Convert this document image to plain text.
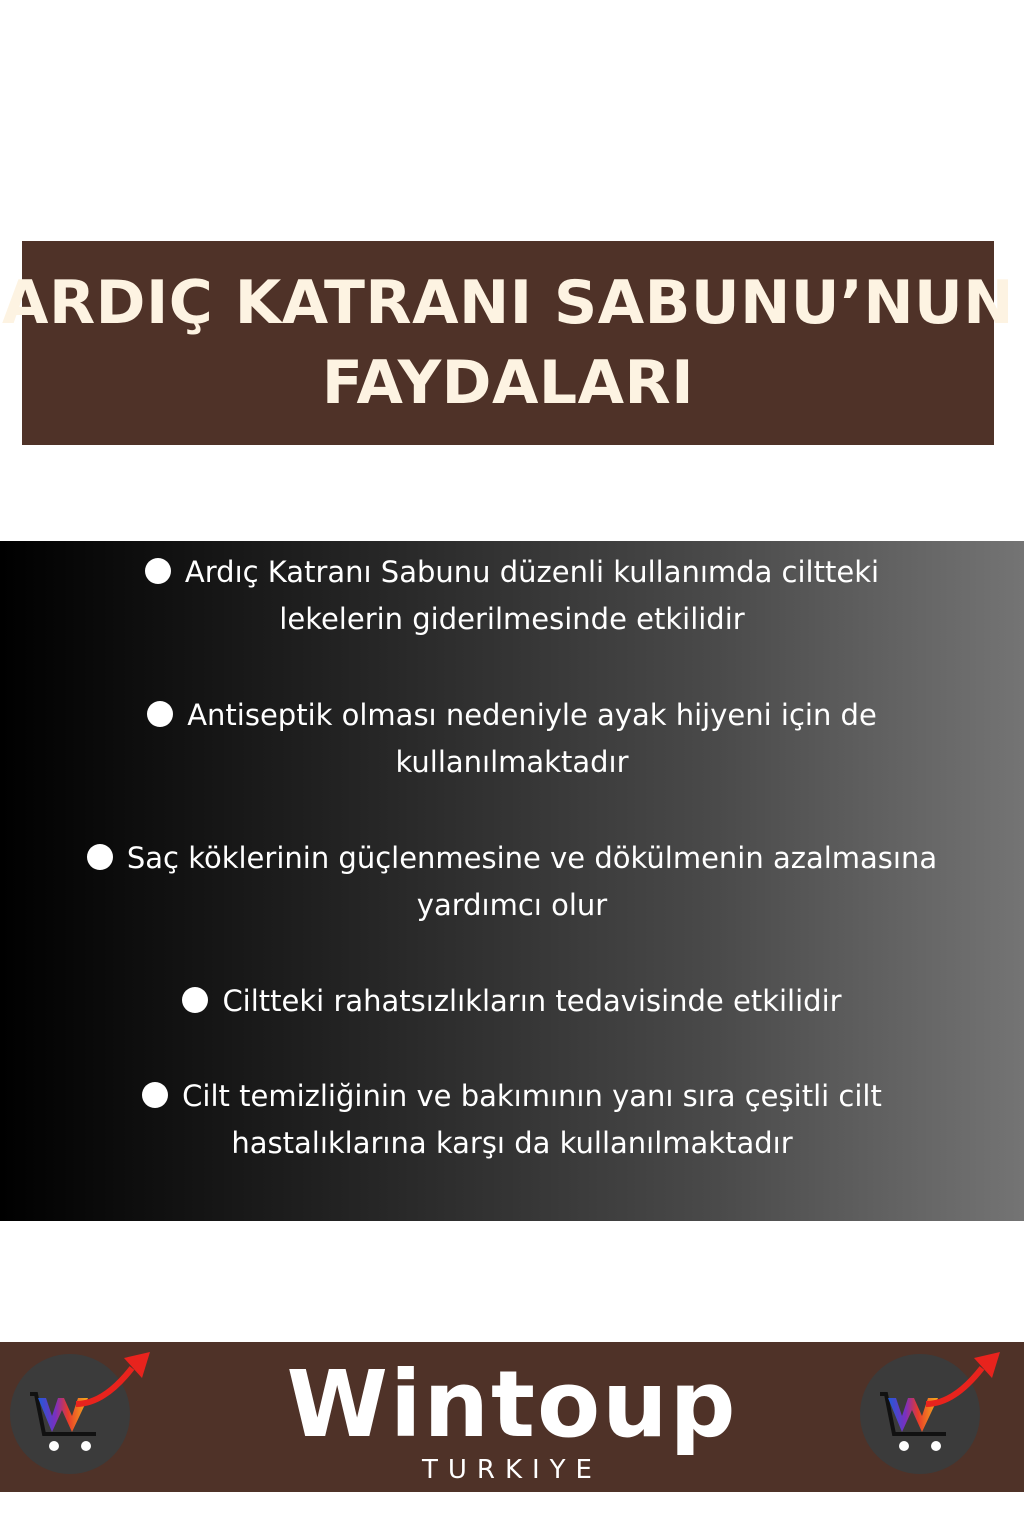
ARDIÇ KATRANI SABUNU’NUN
FAYDALARI
Ardıç Katranı Sabunu düzenli kullanımda ciltteki
lekelerin giderilmesinde etkilidir
Antiseptik olması nedeniyle ayak hijyeni için de
kullanılmaktadır
Saç köklerinin güçlenmesine ve dökülmenin azalmasına
yardımcı olur
Ciltteki rahatsızlıkların tedavisinde etkilidir
Cilt temizliğinin ve bakımının yanı sıra çeşitli cilt
hastalıklarına karşı da kullanılmaktadır
Wintoup
TURKIYE
